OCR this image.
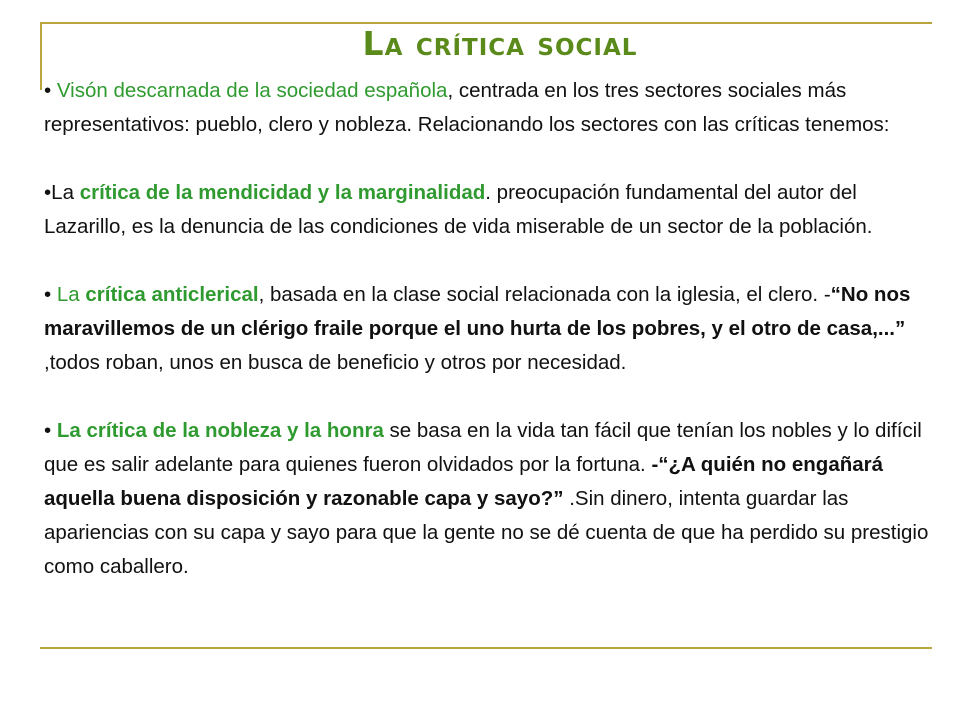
La crítica social

• Visón descarnada de la sociedad española, centrada en los tres sectores sociales más representativos: pueblo, clero y nobleza. Relacionando los sectores con las críticas tenemos:

•La crítica de la mendicidad y la marginalidad. preocupación fundamental del autor del Lazarillo, es la denuncia de las condiciones de vida miserable de un sector de la población.

• La crítica anticlerical, basada en la clase social relacionada con la iglesia, el clero. -“No nos maravillemos de un clérigo fraile porque el uno hurta de los pobres, y el otro de casa,...” ,todos roban, unos en busca de beneficio y otros por necesidad.

• La crítica de la nobleza y la honra se basa en la vida tan fácil que tenían los nobles y lo difícil que es salir adelante para quienes fueron olvidados por la fortuna. -“¿A quién no engañará aquella buena disposición y razonable capa y sayo?” .Sin dinero, intenta guardar las apariencias con su capa y sayo para que la gente no se dé cuenta de que ha perdido su prestigio como caballero.
